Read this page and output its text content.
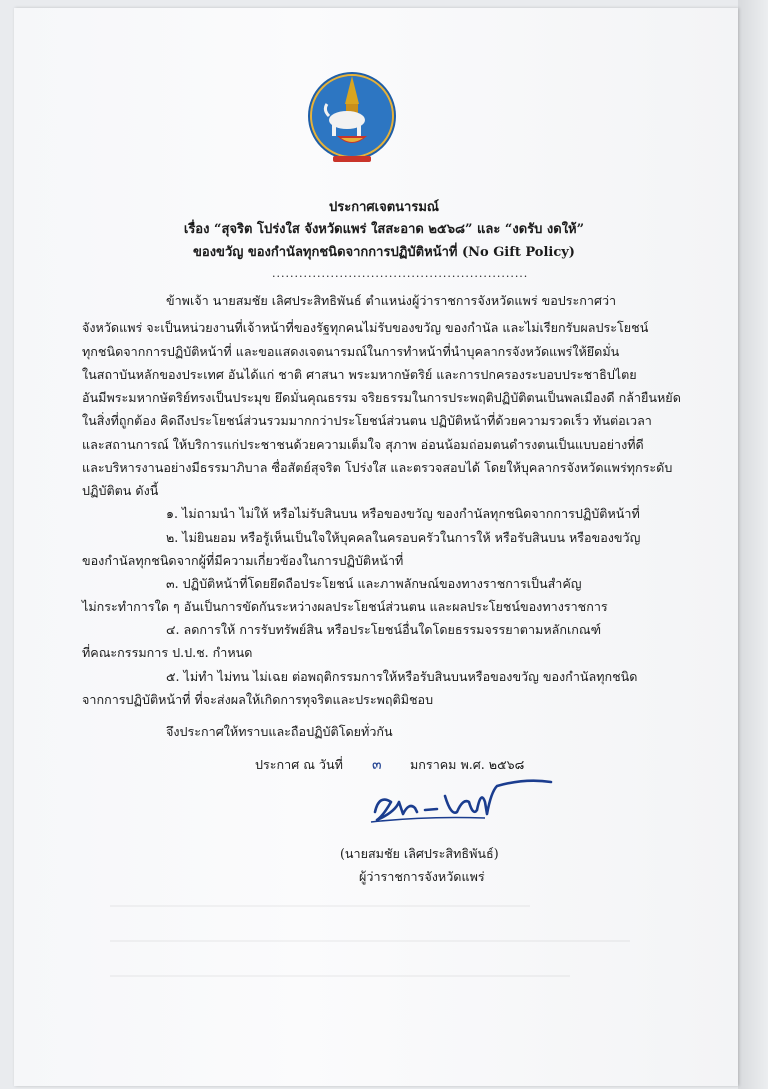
ประกาศเจตนารมณ์
เรื่อง “สุจริต โปร่งใส จังหวัดแพร่ ใสสะอาด ๒๕๖๘” และ “งดรับ งดให้”
ของขวัญ ของกำนัลทุกชนิดจากการปฏิบัติหน้าที่ (No Gift Policy)
.........................................................
ข้าพเจ้า นายสมชัย เลิศประสิทธิพันธ์ ตำแหน่งผู้ว่าราชการจังหวัดแพร่ ขอประกาศว่า
จังหวัดแพร่ จะเป็นหน่วยงานที่เจ้าหน้าที่ของรัฐทุกคนไม่รับของขวัญ ของกำนัล และไม่เรียกรับผลประโยชน์
ทุกชนิดจากการปฏิบัติหน้าที่ และขอแสดงเจตนารมณ์ในการทำหน้าที่นำบุคลากรจังหวัดแพร่ให้ยึดมั่น
ในสถาบันหลักของประเทศ อันได้แก่ ชาติ ศาสนา พระมหากษัตริย์ และการปกครองระบอบประชาธิปไตย
อันมีพระมหากษัตริย์ทรงเป็นประมุข ยึดมั่นคุณธรรม จริยธรรมในการประพฤติปฏิบัติตนเป็นพลเมืองดี กล้ายืนหยัด
ในสิ่งที่ถูกต้อง คิดถึงประโยชน์ส่วนรวมมากกว่าประโยชน์ส่วนตน ปฏิบัติหน้าที่ด้วยความรวดเร็ว ทันต่อเวลา
และสถานการณ์ ให้บริการแก่ประชาชนด้วยความเต็มใจ สุภาพ อ่อนน้อมถ่อมตนดำรงตนเป็นแบบอย่างที่ดี
และบริหารงานอย่างมีธรรมาภิบาล ซื่อสัตย์สุจริต โปร่งใส และตรวจสอบได้ โดยให้บุคลากรจังหวัดแพร่ทุกระดับ
ปฏิบัติตน ดังนี้
๑. ไม่ถามนำ ไม่ให้ หรือไม่รับสินบน หรือของขวัญ ของกำนัลทุกชนิดจากการปฏิบัติหน้าที่
๒. ไม่ยินยอม หรือรู้เห็นเป็นใจให้บุคคลในครอบครัวในการให้ หรือรับสินบน หรือของขวัญ
ของกำนัลทุกชนิดจากผู้ที่มีความเกี่ยวข้องในการปฏิบัติหน้าที่
๓. ปฏิบัติหน้าที่โดยยึดถือประโยชน์ และภาพลักษณ์ของทางราชการเป็นสำคัญ
ไม่กระทำการใด ๆ อันเป็นการขัดกันระหว่างผลประโยชน์ส่วนตน และผลประโยชน์ของทางราชการ
๔. ลดการให้ การรับทรัพย์สิน หรือประโยชน์อื่นใดโดยธรรมจรรยาตามหลักเกณฑ์
ที่คณะกรรมการ ป.ป.ช. กำหนด
๕. ไม่ทำ ไม่ทน ไม่เฉย ต่อพฤติกรรมการให้หรือรับสินบนหรือของขวัญ ของกำนัลทุกชนิด
จากการปฏิบัติหน้าที่ ที่จะส่งผลให้เกิดการทุจริตและประพฤติมิชอบ
จึงประกาศให้ทราบและถือปฏิบัติโดยทั่วกัน
ประกาศ ณ วันที่ ๓ มกราคม พ.ศ. ๒๕๖๘
(นายสมชัย เลิศประสิทธิพันธ์)
ผู้ว่าราชการจังหวัดแพร่
